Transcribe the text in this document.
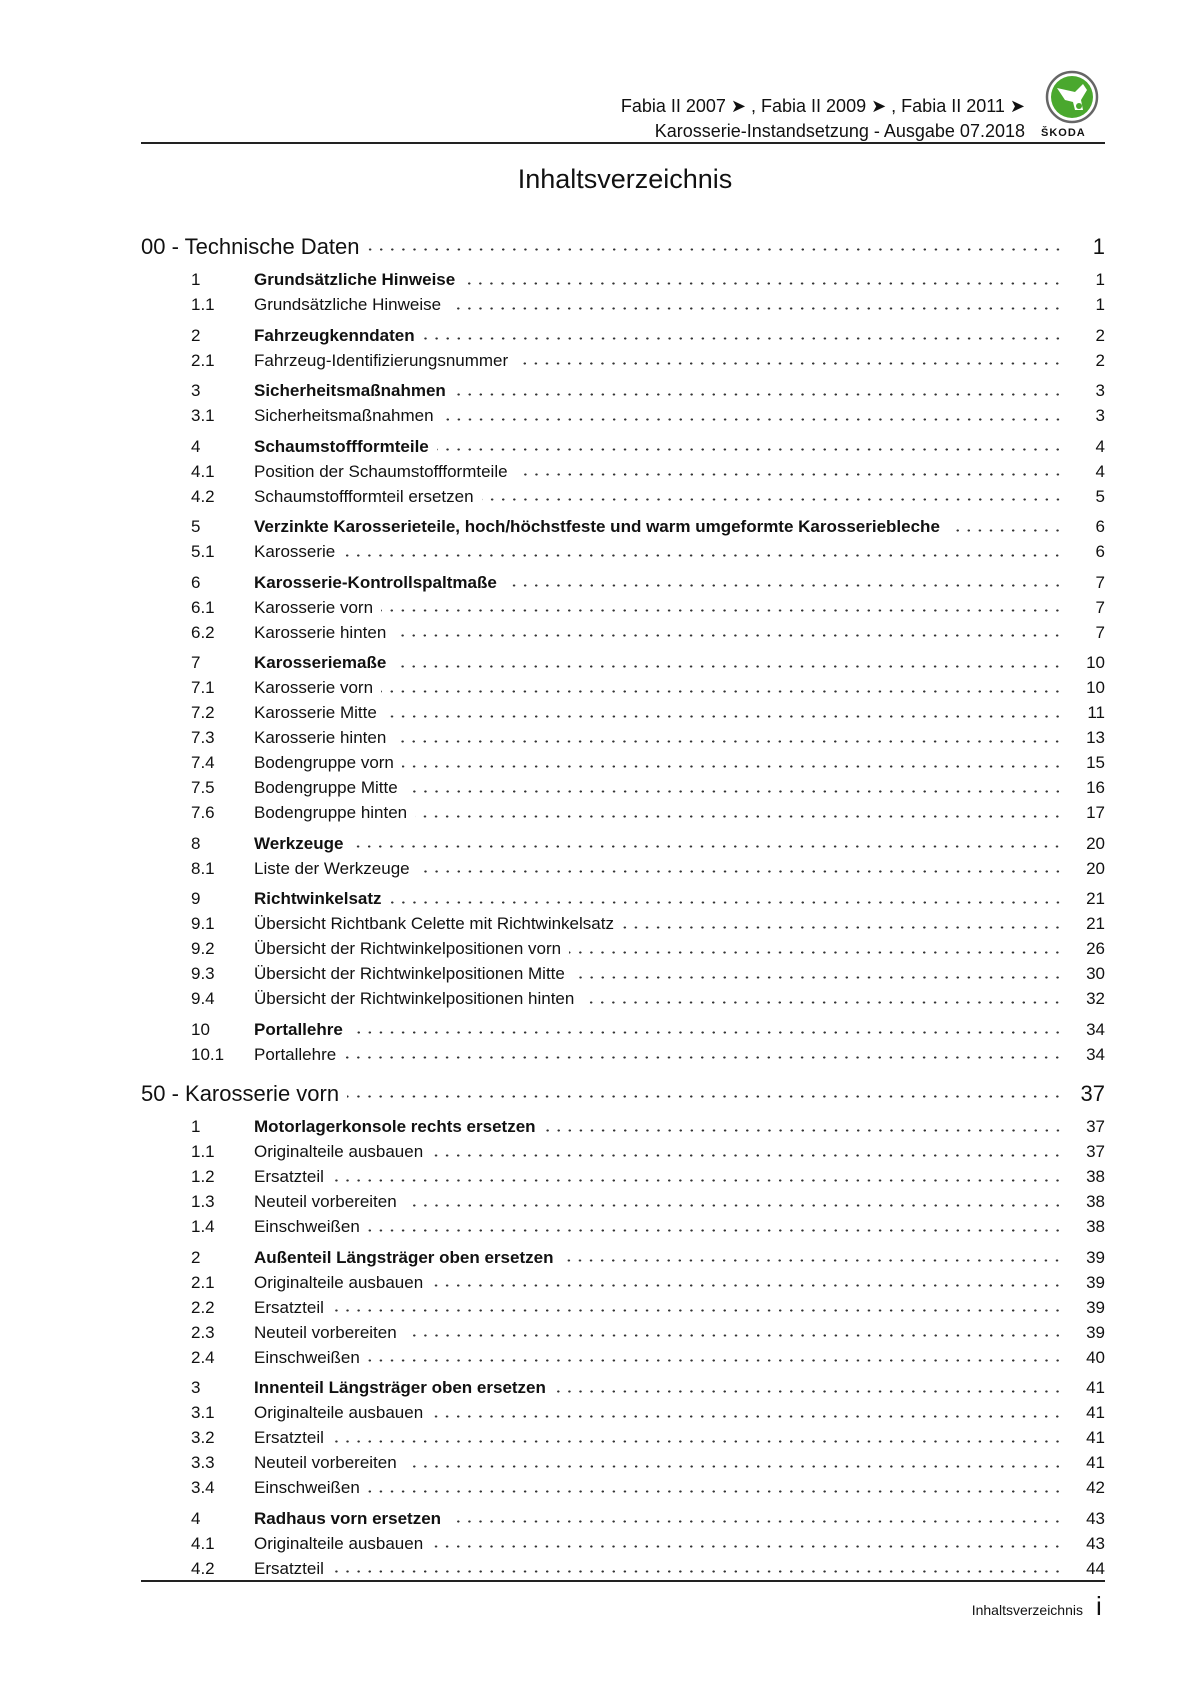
Fabia II 2007 ➤ , Fabia II 2009 ➤ , Fabia II 2011 ➤
Karosserie-Instandsetzung - Ausgabe 07.2018 ŠKODA
Inhaltsverzeichnis
00 - Technische Daten	1
1	Grundsätzliche Hinweise	1
1.1	Grundsätzliche Hinweise	1
2	Fahrzeugkenndaten	2
2.1	Fahrzeug-Identifizierungsnummer	2
3	Sicherheitsmaßnahmen	3
3.1	Sicherheitsmaßnahmen	3
4	Schaumstoffformteile	4
4.1	Position der Schaumstoffformteile	4
4.2	Schaumstoffformteil ersetzen	5
5	Verzinkte Karosserieteile, hoch/höchstfeste und warm umgeformte Karosseriebleche	6
5.1	Karosserie	6
6	Karosserie-Kontrollspaltmaße	7
6.1	Karosserie vorn	7
6.2	Karosserie hinten	7
7	Karosseriemaße	10
7.1	Karosserie vorn	10
7.2	Karosserie Mitte	11
7.3	Karosserie hinten	13
7.4	Bodengruppe vorn	15
7.5	Bodengruppe Mitte	16
7.6	Bodengruppe hinten	17
8	Werkzeuge	20
8.1	Liste der Werkzeuge	20
9	Richtwinkelsatz	21
9.1	Übersicht Richtbank Celette mit Richtwinkelsatz	21
9.2	Übersicht der Richtwinkelpositionen vorn	26
9.3	Übersicht der Richtwinkelpositionen Mitte	30
9.4	Übersicht der Richtwinkelpositionen hinten	32
10	Portallehre	34
10.1	Portallehre	34
50 - Karosserie vorn	37
1	Motorlagerkonsole rechts ersetzen	37
1.1	Originalteile ausbauen	37
1.2	Ersatzteil	38
1.3	Neuteil vorbereiten	38
1.4	Einschweißen	38
2	Außenteil Längsträger oben ersetzen	39
2.1	Originalteile ausbauen	39
2.2	Ersatzteil	39
2.3	Neuteil vorbereiten	39
2.4	Einschweißen	40
3	Innenteil Längsträger oben ersetzen	41
3.1	Originalteile ausbauen	41
3.2	Ersatzteil	41
3.3	Neuteil vorbereiten	41
3.4	Einschweißen	42
4	Radhaus vorn ersetzen	43
4.1	Originalteile ausbauen	43
4.2	Ersatzteil	44
Inhaltsverzeichnis i
